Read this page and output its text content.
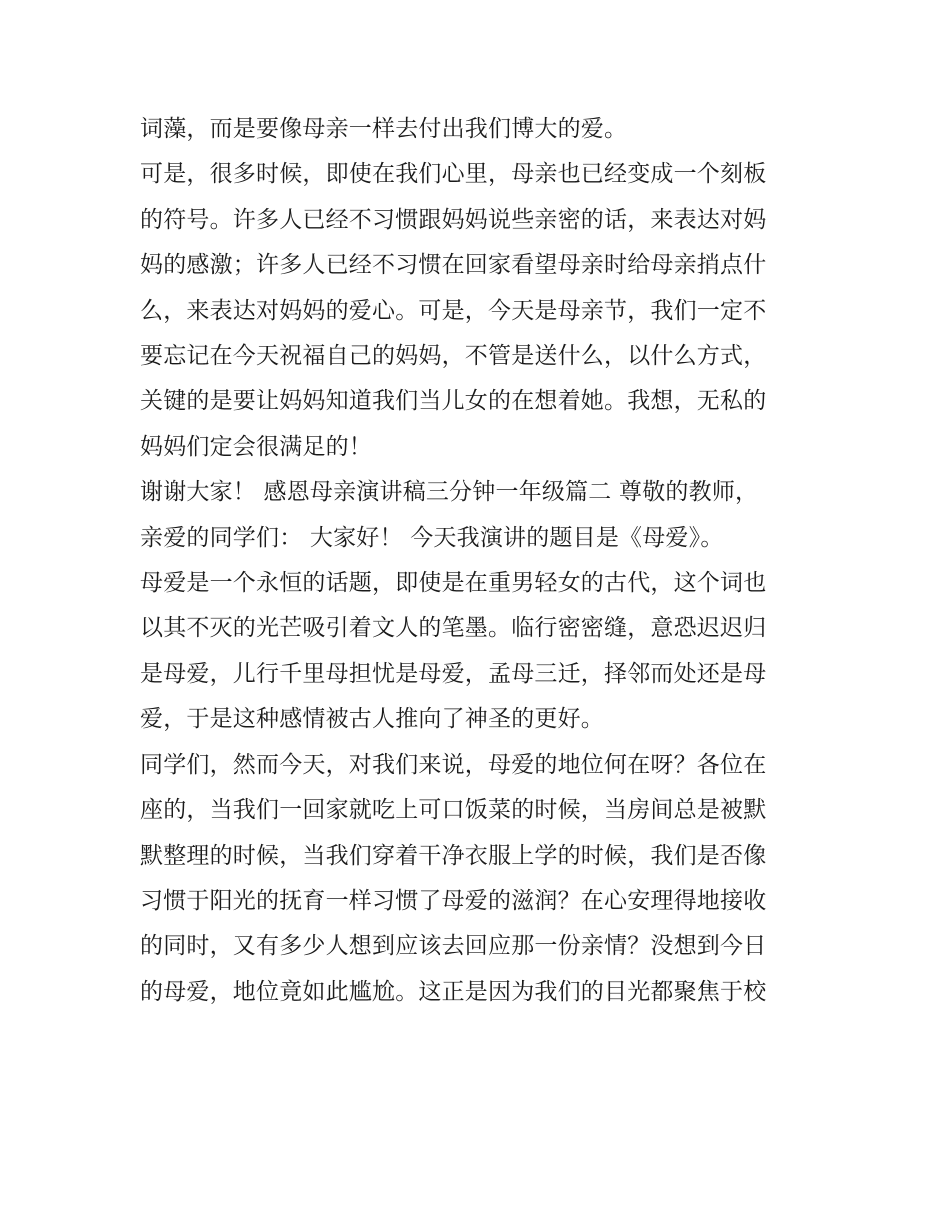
词藻，而是要像母亲一样去付出我们博大的爱。

可是，很多时候，即使在我们心里，母亲也已经变成一个刻板

的符号。许多人已经不习惯跟妈妈说些亲密的话，来表达对妈

妈的感激；许多人已经不习惯在回家看望母亲时给母亲捎点什

么，来表达对妈妈的爱心。可是，今天是母亲节，我们一定不

要忘记在今天祝福自己的妈妈，不管是送什么，以什么方式，

关键的是要让妈妈知道我们当儿女的在想着她。我想，无私的

妈妈们定会很满足的！

谢谢大家！ 感恩母亲演讲稿三分钟一年级篇二 尊敬的教师，

亲爱的同学们： 大家好！ 今天我演讲的题目是《母爱》。

母爱是一个永恒的话题，即使是在重男轻女的古代，这个词也

以其不灭的光芒吸引着文人的笔墨。临行密密缝，意恐迟迟归

是母爱，儿行千里母担忧是母爱，孟母三迁，择邻而处还是母

爱，于是这种感情被古人推向了神圣的更好。

同学们，然而今天，对我们来说，母爱的地位何在呀？各位在

座的，当我们一回家就吃上可口饭菜的时候，当房间总是被默

默整理的时候，当我们穿着干净衣服上学的时候，我们是否像

习惯于阳光的抚育一样习惯了母爱的滋润？在心安理得地接收

的同时，又有多少人想到应该去回应那一份亲情？没想到今日

的母爱，地位竟如此尴尬。这正是因为我们的目光都聚焦于校
